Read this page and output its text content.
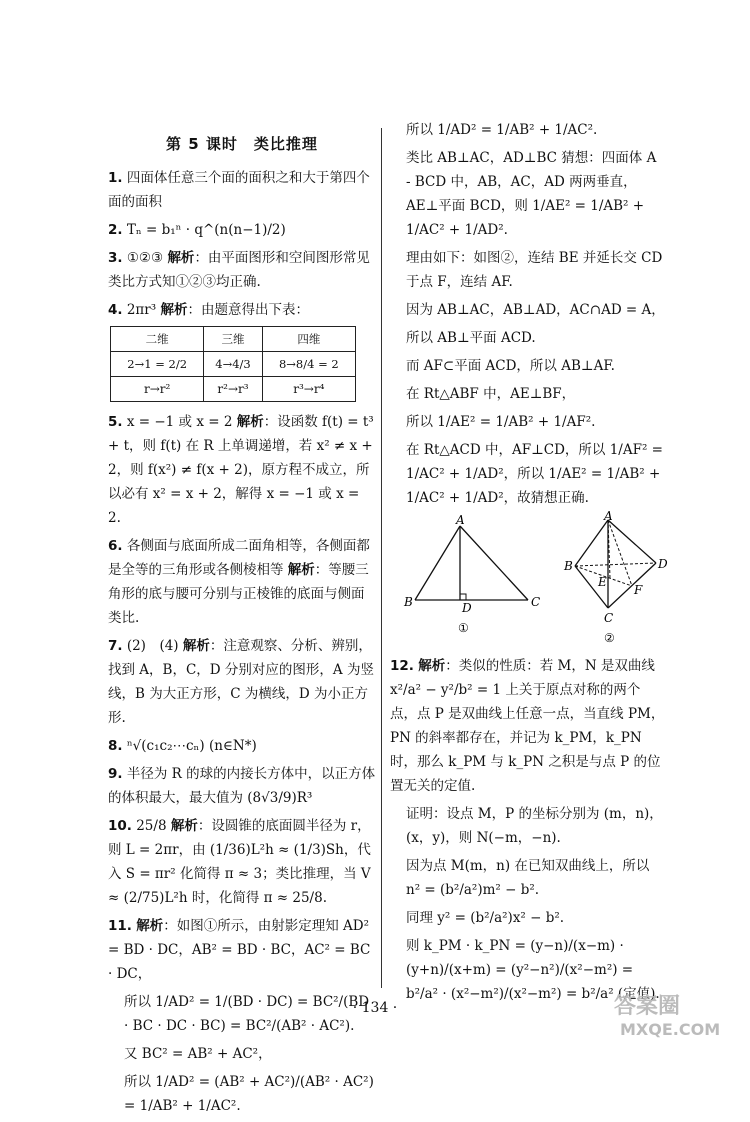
第 5 课时　类比推理
1. 四面体任意三个面的面积之和大于第四个面的面积
2. Tₙ = b₁ⁿ · q^(n(n−1)/2)
3. ①②③ 解析：由平面图形和空间图形常见类比方式知①②③均正确.
4. 2πr³ 解析：由题意得出下表：
二维	三维	四维
2→1 = 2/2	4→4/3	8→8/4 = 2
r→r²	r²→r³	r³→r⁴
5. x = −1 或 x = 2 解析：设函数 f(t) = t³ + t，则 f(t) 在 R 上单调递增，若 x² ≠ x + 2，则 f(x²) ≠ f(x + 2)，原方程不成立，所以必有 x² = x + 2，解得 x = −1 或 x = 2.
6. 各侧面与底面所成二面角相等，各侧面都是全等的三角形或各侧棱相等 解析：等腰三角形的底与腰可分别与正棱锥的底面与侧面类比.
7. (2)　(4) 解析：注意观察、分析、辨别，找到 A，B，C，D 分别对应的图形，A 为竖线，B 为大正方形，C 为横线，D 为小正方形.
8. ⁿ√(c₁c₂⋯cₙ) (n∈N*)
9. 半径为 R 的球的内接长方体中，以正方体的体积最大，最大值为 (8√3/9)R³
10. 25/8 解析：设圆锥的底面圆半径为 r，则 L = 2πr，由 (1/36)L²h ≈ (1/3)Sh，代入 S = πr² 化简得 π ≈ 3；类比推理，当 V ≈ (2/75)L²h 时，化简得 π ≈ 25/8.
11. 解析：如图①所示，由射影定理知 AD² = BD · DC，AB² = BD · BC，AC² = BC · DC，
所以 1/AD² = 1/(BD · DC) = BC²/(BD · BC · DC · BC) = BC²/(AB² · AC²).
又 BC² = AB² + AC²，
所以 1/AD² = (AB² + AC²)/(AB² · AC²) = 1/AB² + 1/AC².
所以 1/AD² = 1/AB² + 1/AC².
类比 AB⊥AC，AD⊥BC 猜想：四面体 A - BCD 中，AB，AC，AD 两两垂直，AE⊥平面 BCD，则 1/AE² = 1/AB² + 1/AC² + 1/AD².
理由如下：如图②，连结 BE 并延长交 CD 于点 F，连结 AF.
因为 AB⊥AC，AB⊥AD，AC∩AD = A，
所以 AB⊥平面 ACD.
而 AF⊂平面 ACD，所以 AB⊥AF.
在 Rt△ABF 中，AE⊥BF，
所以 1/AE² = 1/AB² + 1/AF².
在 Rt△ACD 中，AF⊥CD，所以 1/AF² = 1/AC² + 1/AD²，所以 1/AE² = 1/AB² + 1/AC² + 1/AD²，故猜想正确.
A
B	C
D
①
A
B
C
D
E
F
②
12. 解析：类似的性质：若 M，N 是双曲线 x²/a² − y²/b² = 1 上关于原点对称的两个点，点 P 是双曲线上任意一点，当直线 PM，PN 的斜率都存在，并记为 k_PM，k_PN 时，那么 k_PM 与 k_PN 之积是与点 P 的位置无关的定值.
证明：设点 M，P 的坐标分别为 (m，n)，(x，y)，则 N(−m，−n).
因为点 M(m，n) 在已知双曲线上，所以 n² = (b²/a²)m² − b².
同理 y² = (b²/a²)x² − b².
则 k_PM · k_PN = (y−n)/(x−m) · (y+n)/(x+m) = (y²−n²)/(x²−m²) = b²/a² · (x²−m²)/(x²−m²) = b²/a² (定值).
· 134 ·	答案圈
MXQE.COM
